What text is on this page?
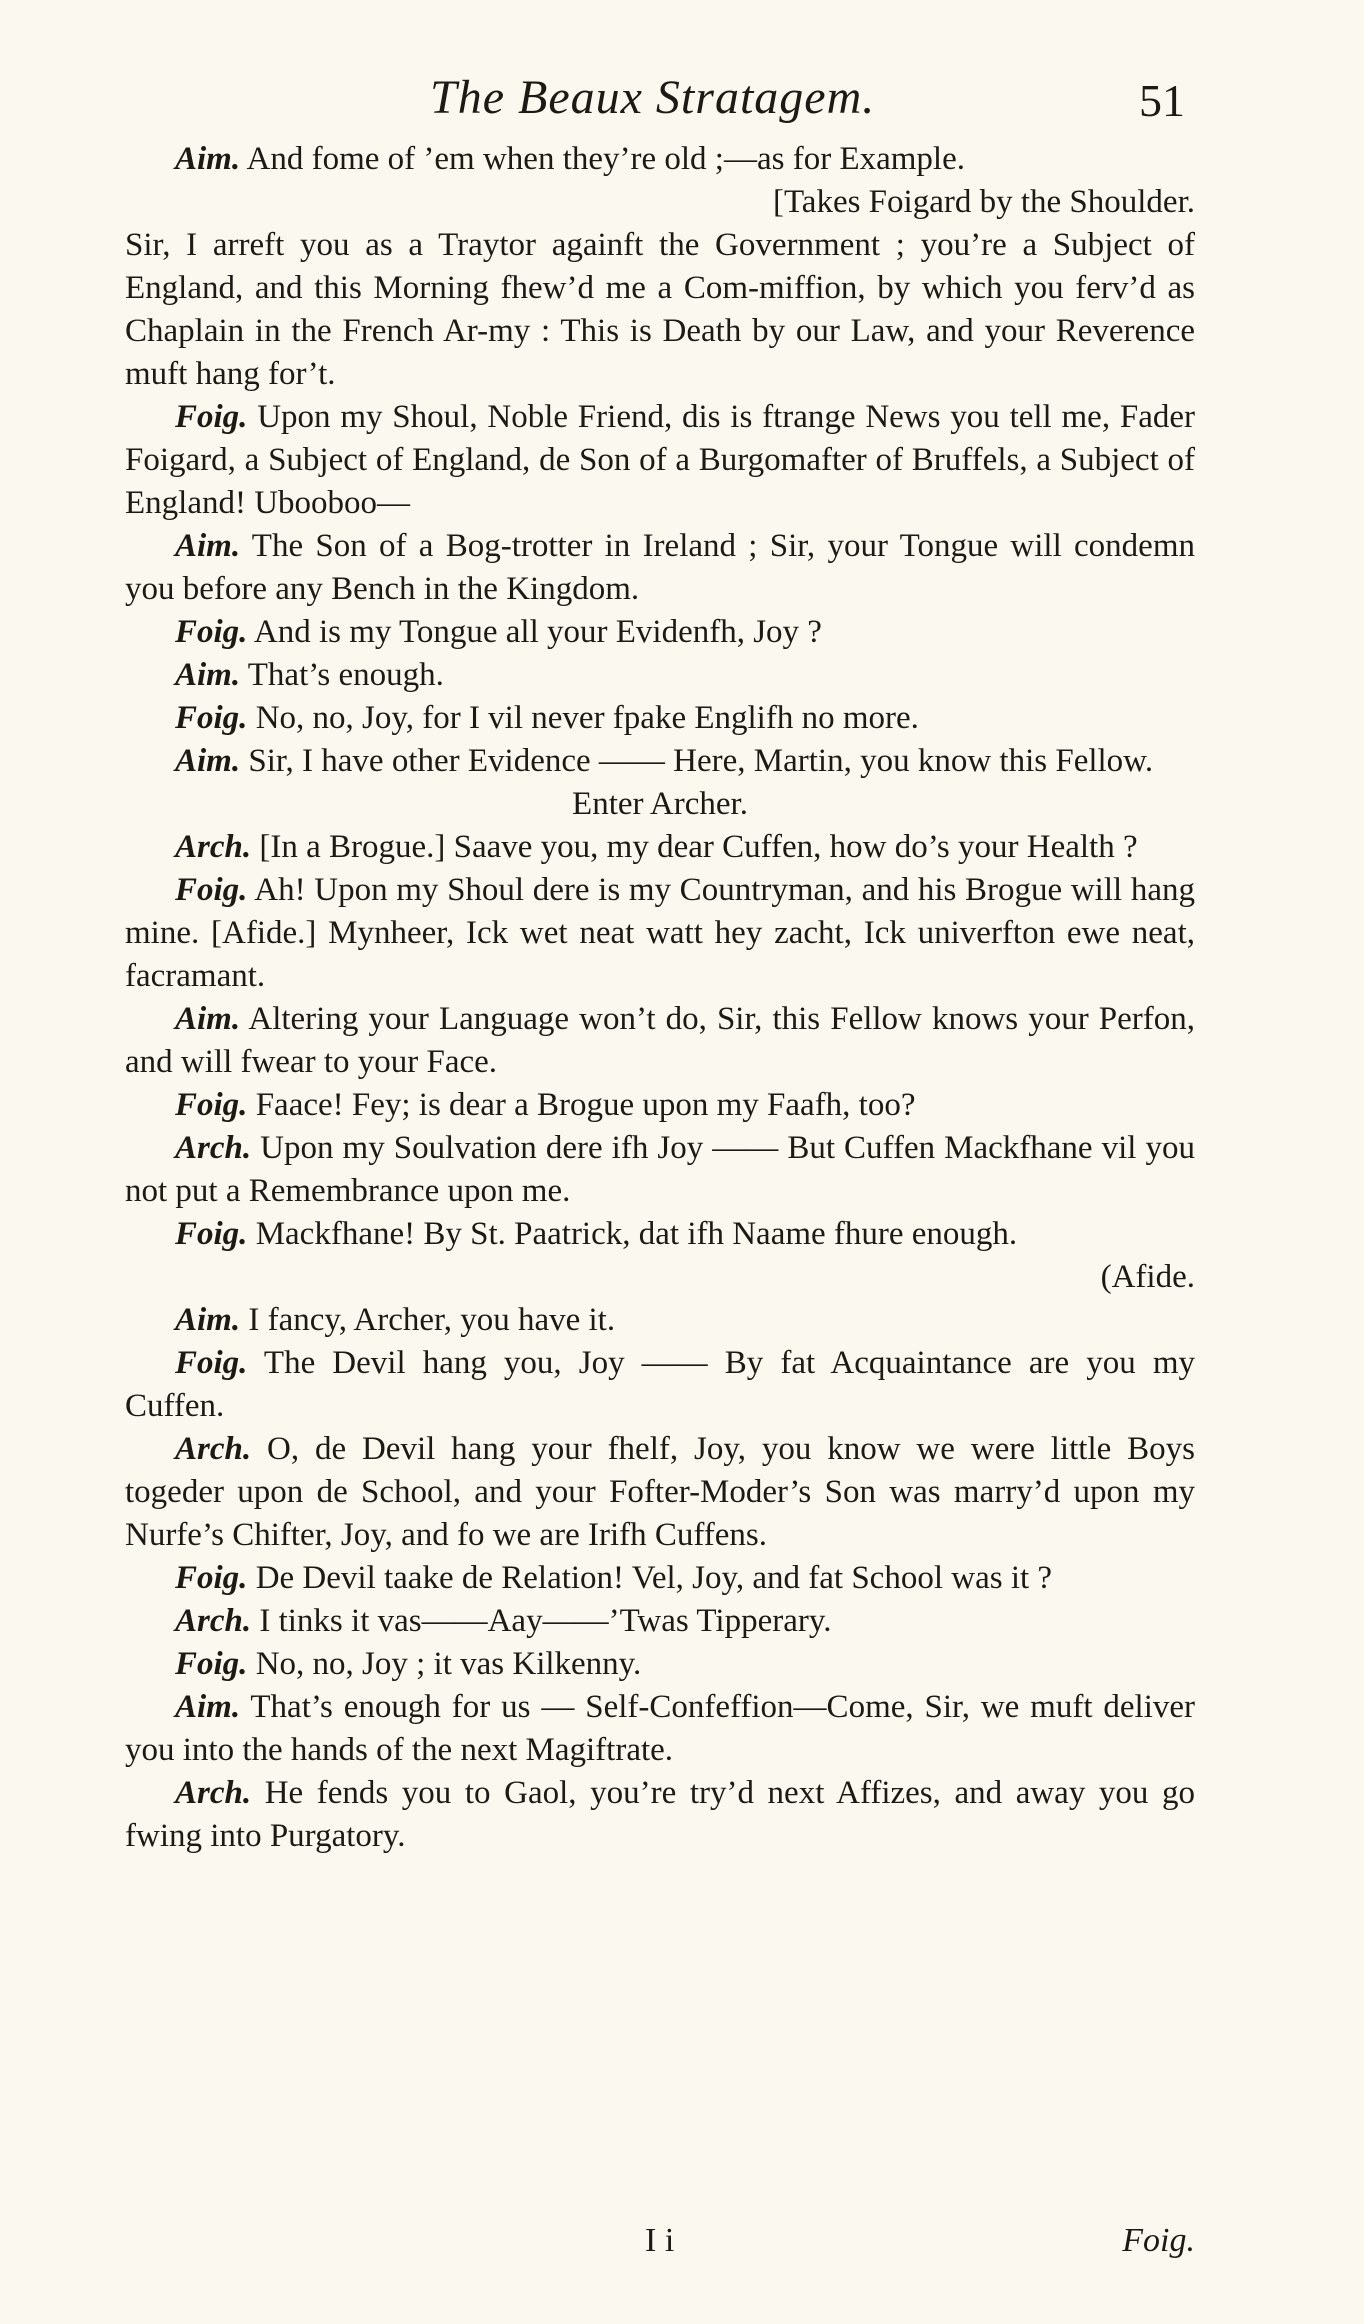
The Beaux Stratagem.	51

Aim. And fome of ’em when they’re old ;—as for Example.

[Takes Foigard by the Shoulder.

Sir, I arreft you as a Traytor againft the Government ; you’re a Subject of England, and this Morning fhew’d me a Com-miffion, by which you ferv’d as Chaplain in the French Ar-my : This is Death by our Law, and your Reverence muft hang for’t.

Foig. Upon my Shoul, Noble Friend, dis is ftrange News you tell me, Fader Foigard, a Subject of England, de Son of a Burgomafter of Bruffels, a Subject of England! Ubooboo—

Aim. The Son of a Bog-trotter in Ireland ; Sir, your Tongue will condemn you before any Bench in the Kingdom.

Foig. And is my Tongue all your Evidenfh, Joy ?

Aim. That’s enough.

Foig. No, no, Joy, for I vil never fpake Englifh no more.

Aim. Sir, I have other Evidence —— Here, Martin, you know this Fellow.

Enter Archer.

Arch. [In a Brogue.] Saave you, my dear Cuffen, how do’s your Health ?

Foig. Ah! Upon my Shoul dere is my Countryman, and his Brogue will hang mine. [Afide.] Mynheer, Ick wet neat watt hey zacht, Ick univerfton ewe neat, facramant.

Aim. Altering your Language won’t do, Sir, this Fellow knows your Perfon, and will fwear to your Face.

Foig. Faace! Fey; is dear a Brogue upon my Faafh, too?

Arch. Upon my Soulvation dere ifh Joy —— But Cuffen Mackfhane vil you not put a Remembrance upon me.

Foig. Mackfhane! By St. Paatrick, dat ifh Naame fhure enough.

(Afide.

Aim. I fancy, Archer, you have it.

Foig. The Devil hang you, Joy —— By fat Acquaintance are you my Cuffen.

Arch. O, de Devil hang your fhelf, Joy, you know we were little Boys togeder upon de School, and your Fofter-Moder’s Son was marry’d upon my Nurfe’s Chifter, Joy, and fo we are Irifh Cuffens.

Foig. De Devil taake de Relation! Vel, Joy, and fat School was it ?

Arch. I tinks it vas——Aay——’Twas Tipperary.

Foig. No, no, Joy ; it vas Kilkenny.

Aim. That’s enough for us — Self-Confeffion—Come, Sir, we muft deliver you into the hands of the next Magiftrate.

Arch. He fends you to Gaol, you’re try’d next Affizes, and away you go fwing into Purgatory.

I i	Foig.
